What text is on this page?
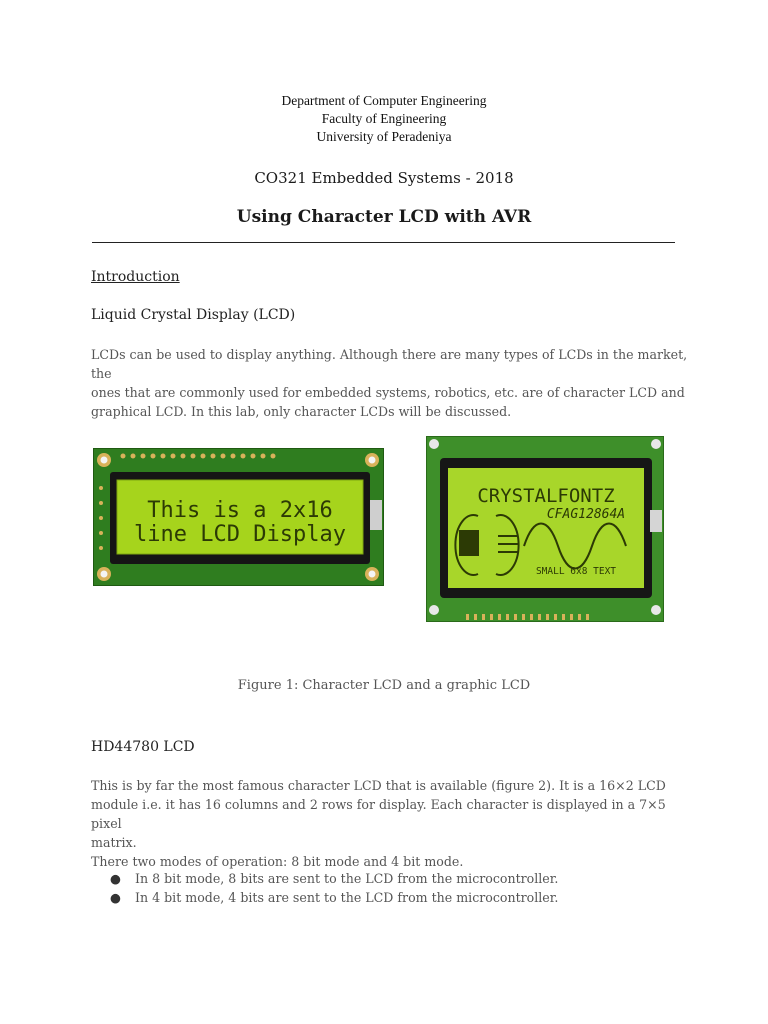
Department of Computer Engineering
Faculty of Engineering
University of Peradeniya
CO321 Embedded Systems - 2018
Using Character LCD with AVR
Introduction
Liquid Crystal Display (LCD)

LCDs can be used to display anything. Although there are many types of LCDs in the market, the

ones that are commonly used for embedded systems, robotics, etc. are of character LCD and

graphical LCD. In this lab, only character LCDs will be discussed.

This is a 2x16
line LCD Display
CRYSTALFONTZ
CFAG12864A
SMALL 6x8 TEXT
Figure 1: Character LCD and a graphic LCD
HD44780 LCD

This is by far the most famous character LCD that is available (figure 2). It is a 16×2 LCD

module i.e. it has 16 columns and 2 rows for display. Each character is displayed in a 7×5 pixel

matrix.

There two modes of operation: 8 bit mode and 4 bit mode.

● In 8 bit mode, 8 bits are sent to the LCD from the microcontroller.
● In 4 bit mode, 4 bits are sent to the LCD from the microcontroller.
